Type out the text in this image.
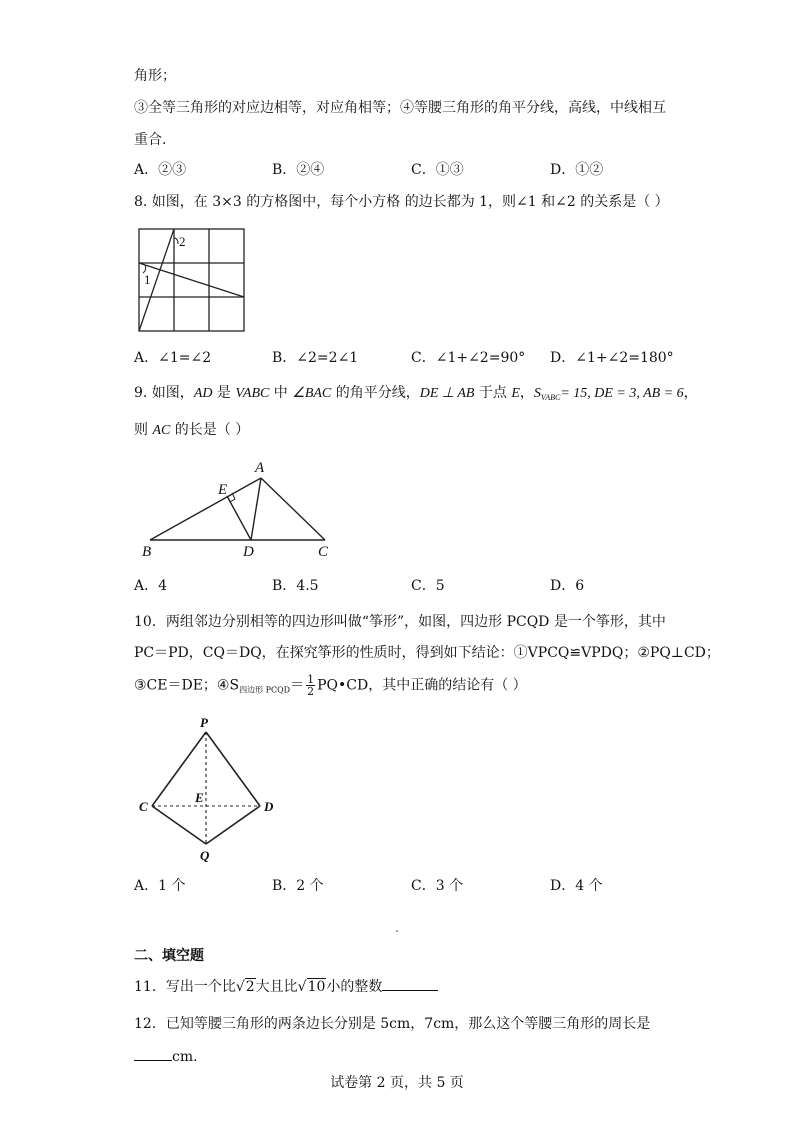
角形；
③全等三角形的对应边相等，对应角相等；④等腰三角形的角平分线，高线，中线相互
重合.
A．②③	B．②④	C．①③	D．①②
8. 如图，在 3×3 的方格图中，每个小方格 的边长都为 1，则∠1 和∠2 的关系是（ ）
2
1
A．∠1=∠2	B．∠2=2∠1	C．∠1+∠2=90° D．∠1+∠2=180°
9. 如图，AD 是 VABC 中 ∠BAC 的角平分线，DE ⊥ AB 于点 E，$S_{VABC}= 15$, DE = 3, AB = 6，
则 AC 的长是（ ）
A
E
B	D	C
A．4	B．4.5	C．5	D．6
10．两组邻边分别相等的四边形叫做“筝形”，如图，四边形 PCQD 是一个筝形，其中
PC＝PD，CQ＝DQ，在探究筝形的性质时，得到如下结论：①VPCQ≌VPDQ；②PQ⊥CD；
③CE＝DE；$④S_{四边形 PCQD}= \frac{1}{2}$ PQ•CD，其中正确的结论有（ ）
P
C
E
D
Q
A．1 个	B．2 个	C．3 个	D．4 个
二、填空题
11．写出一个比√2大且比√10小的整数
12．已知等腰三角形的两条边长分别是 5cm，7cm，那么这个等腰三角形的周长是
cm.
试卷第 2 页，共 5 页
